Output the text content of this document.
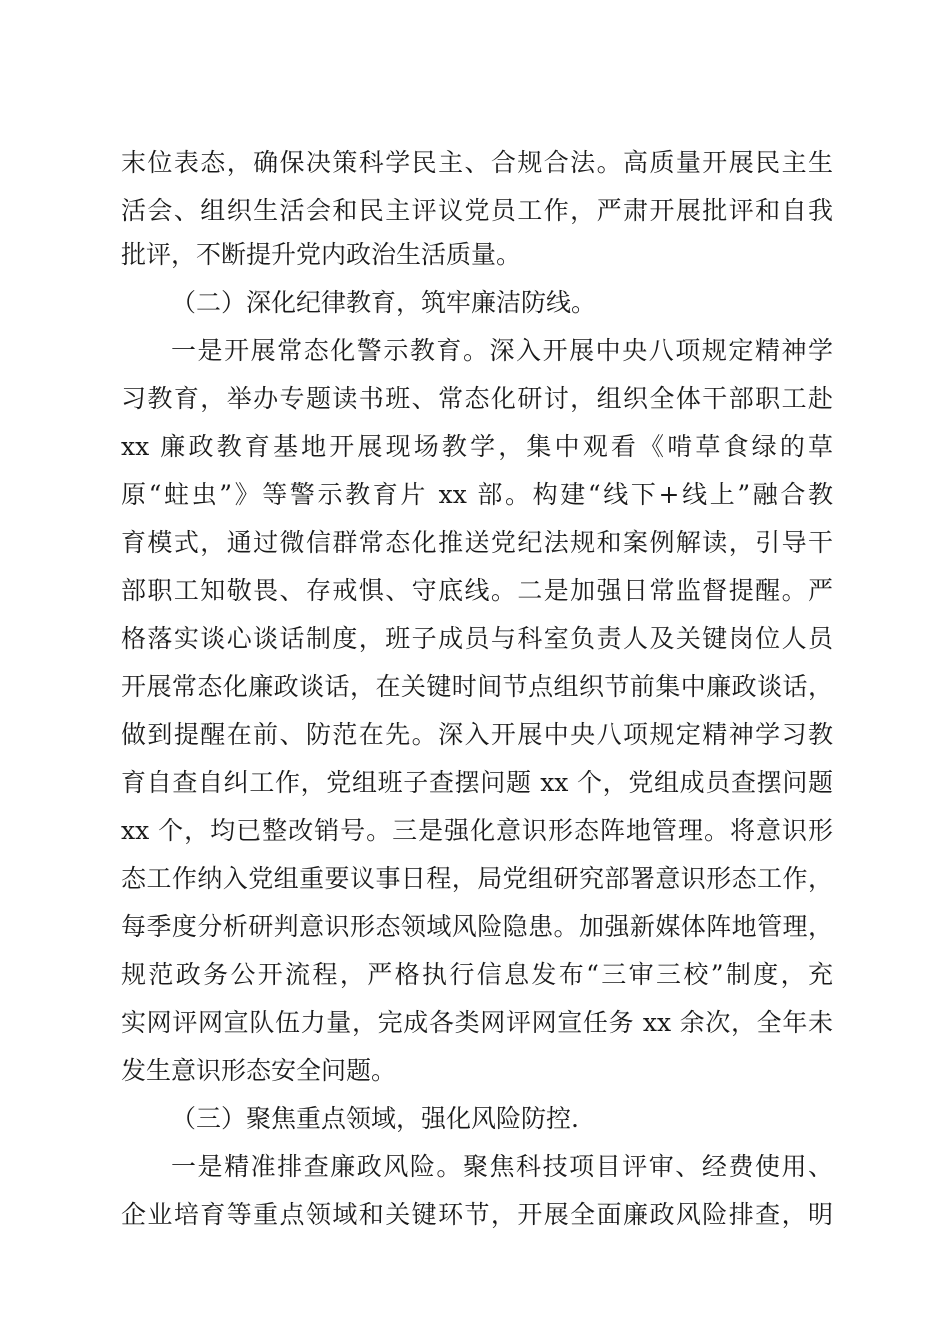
末位表态，确保决策科学民主、合规合法。高质量开展民主生
活会、组织生活会和民主评议党员工作，严肃开展批评和自我
批评，不断提升党内政治生活质量。
（二）深化纪律教育，筑牢廉洁防线。
一是开展常态化警示教育。深入开展中央八项规定精神学
习教育，举办专题读书班、常态化研讨，组织全体干部职工赴
xx 廉政教育基地开展现场教学，集中观看《啃草食绿的草
原“蛀虫”》等警示教育片 xx 部。构建“线下+线上”融合教
育模式，通过微信群常态化推送党纪法规和案例解读，引导干
部职工知敬畏、存戒惧、守底线。二是加强日常监督提醒。严
格落实谈心谈话制度，班子成员与科室负责人及关键岗位人员
开展常态化廉政谈话，在关键时间节点组织节前集中廉政谈话，
做到提醒在前、防范在先。深入开展中央八项规定精神学习教
育自查自纠工作，党组班子查摆问题 xx 个，党组成员查摆问题
xx 个，均已整改销号。三是强化意识形态阵地管理。将意识形
态工作纳入党组重要议事日程，局党组研究部署意识形态工作，
每季度分析研判意识形态领域风险隐患。加强新媒体阵地管理，
规范政务公开流程，严格执行信息发布“三审三校”制度，充
实网评网宣队伍力量，完成各类网评网宣任务 xx 余次，全年未
发生意识形态安全问题。
（三）聚焦重点领域，强化风险防控.
一是精准排查廉政风险。聚焦科技项目评审、经费使用、
企业培育等重点领域和关键环节，开展全面廉政风险排查，明
